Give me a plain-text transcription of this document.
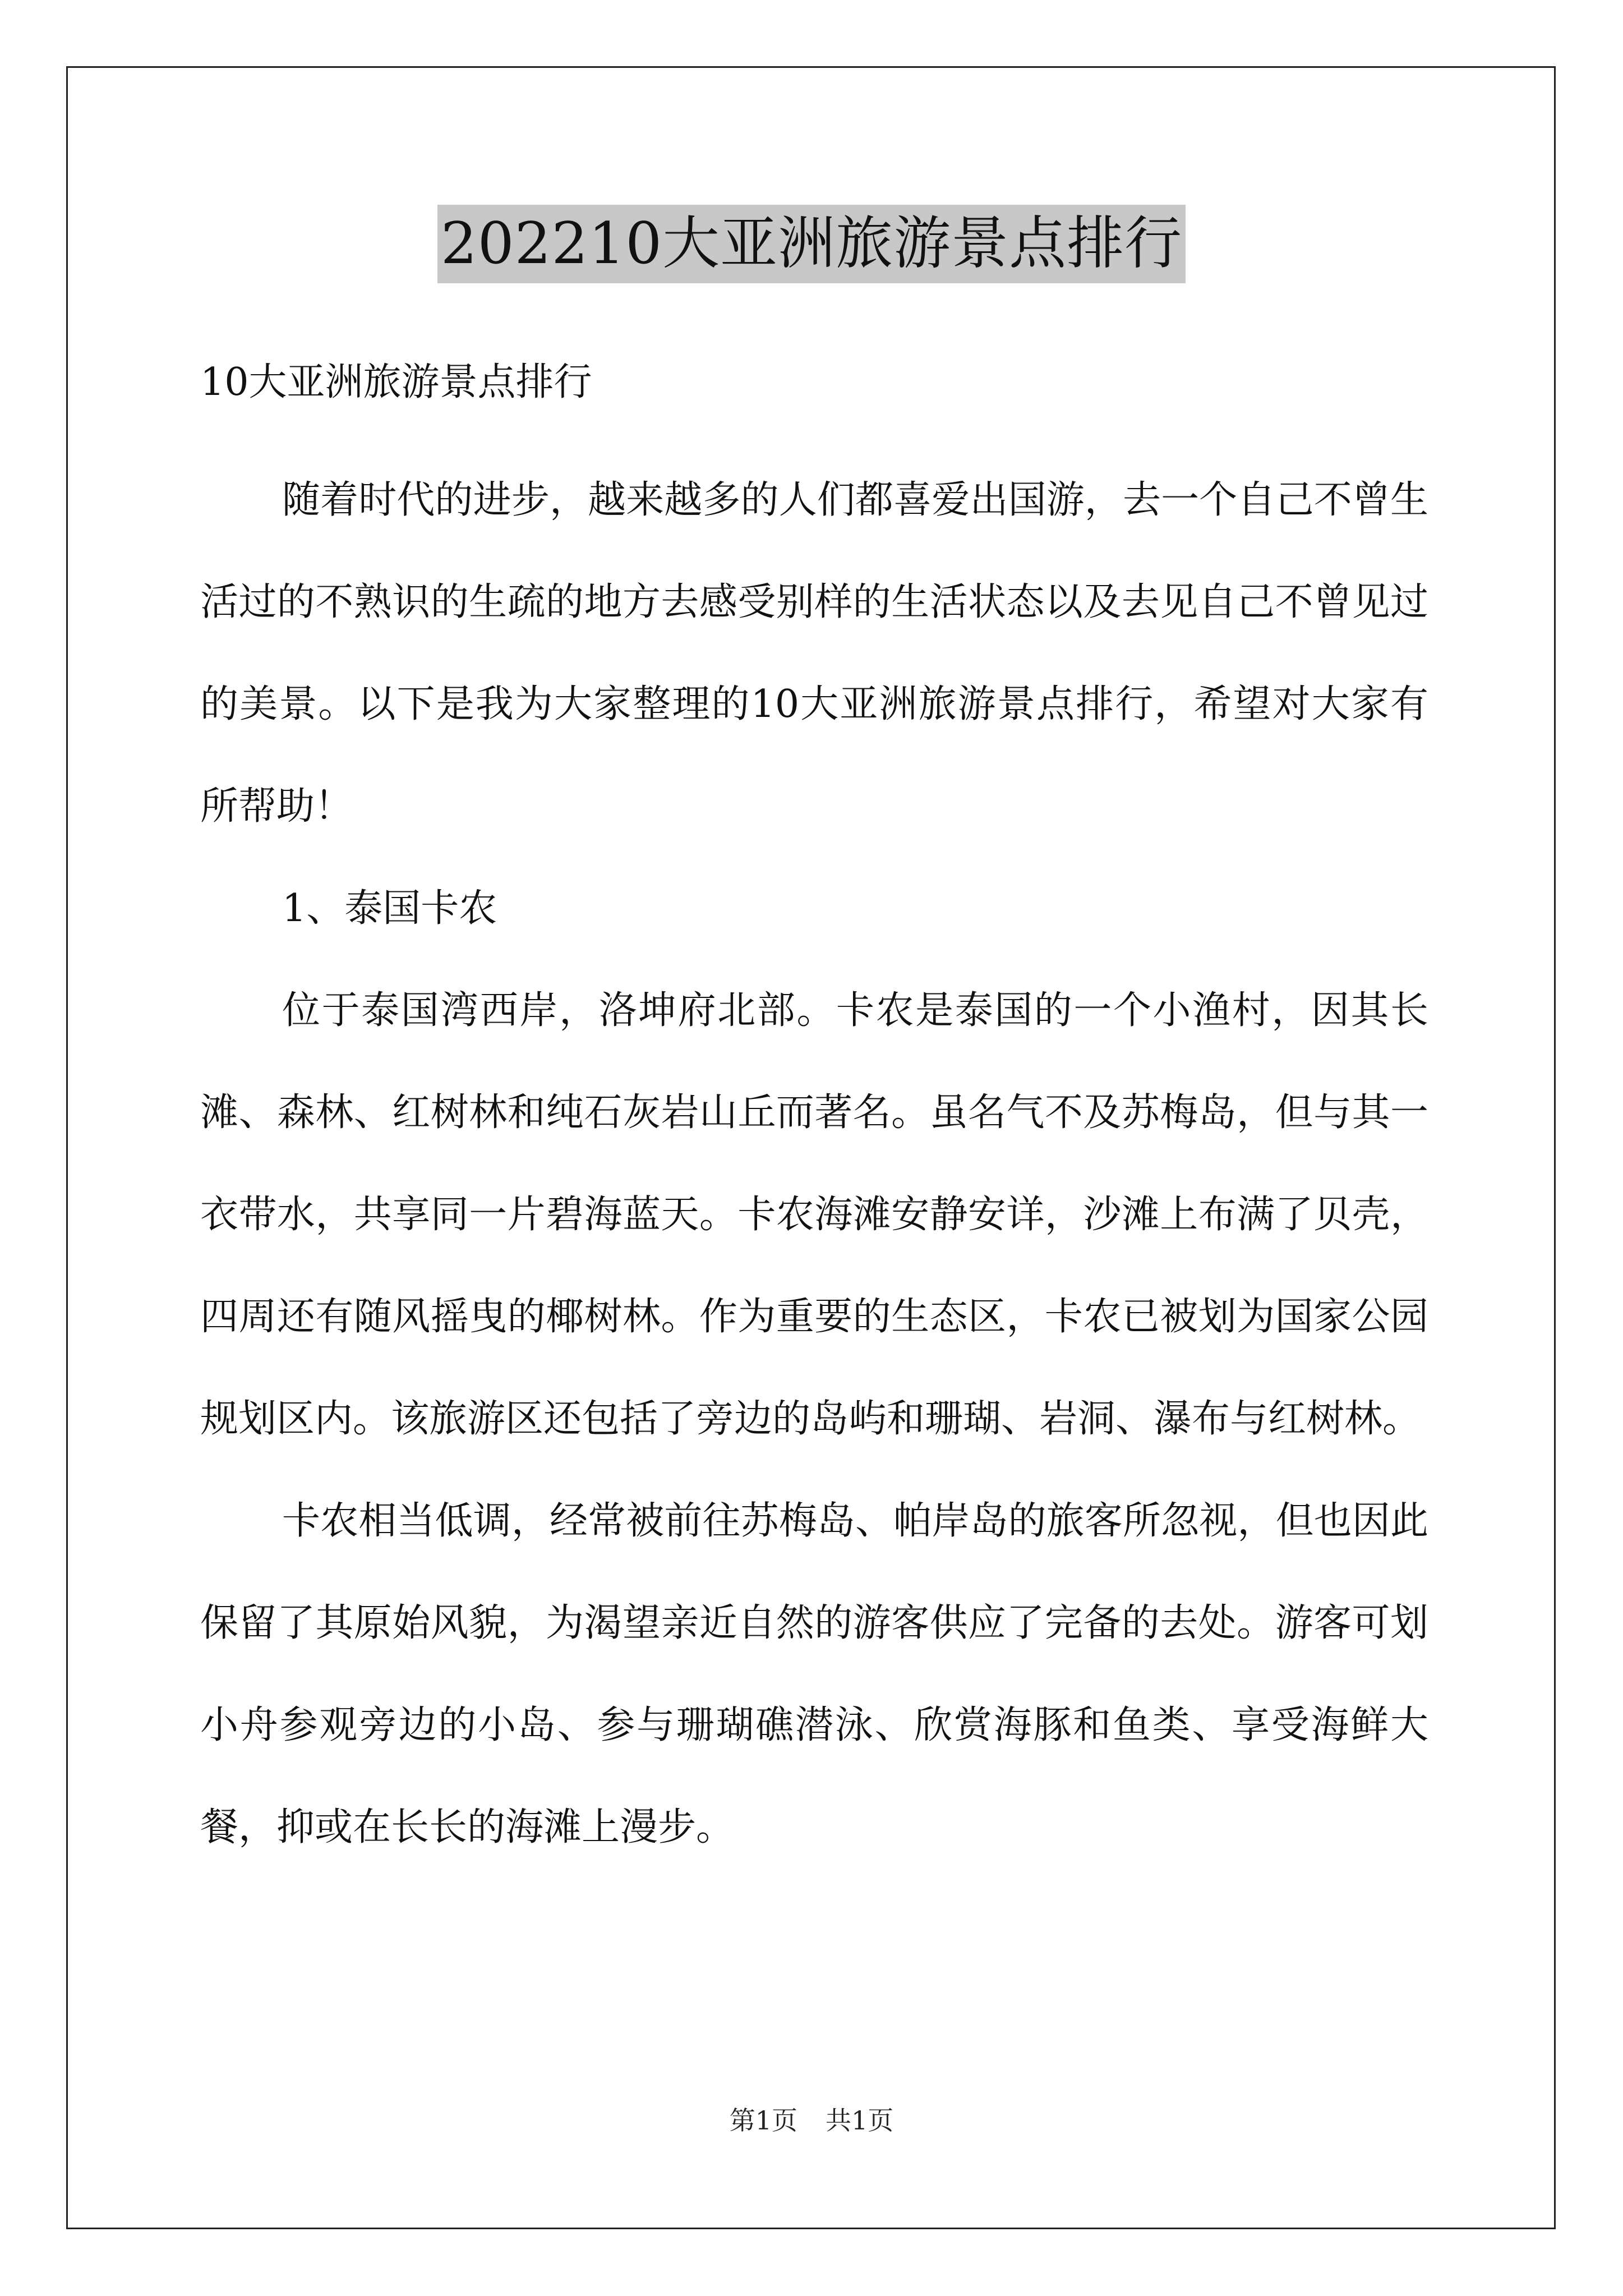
202210大亚洲旅游景点排行

10大亚洲旅游景点排行

随着时代的进步，越来越多的人们都喜爱出国游，去一个自己不曾生活过的不熟识的生疏的地方去感受别样的生活状态以及去见自己不曾见过的美景。以下是我为大家整理的10大亚洲旅游景点排行，希望对大家有所帮助！

1、泰国卡农

位于泰国湾西岸，洛坤府北部。卡农是泰国的一个小渔村，因其长滩、森林、红树林和纯石灰岩山丘而著名。虽名气不及苏梅岛，但与其一衣带水，共享同一片碧海蓝天。卡农海滩安静安详，沙滩上布满了贝壳，四周还有随风摇曳的椰树林。作为重要的生态区，卡农已被划为国家公园规划区内。该旅游区还包括了旁边的岛屿和珊瑚、岩洞、瀑布与红树林。

卡农相当低调，经常被前往苏梅岛、帕岸岛的旅客所忽视，但也因此保留了其原始风貌，为渴望亲近自然的游客供应了完备的去处。游客可划小舟参观旁边的小岛、参与珊瑚礁潜泳、欣赏海豚和鱼类、享受海鲜大餐，抑或在长长的海滩上漫步。

第1页 共1页
